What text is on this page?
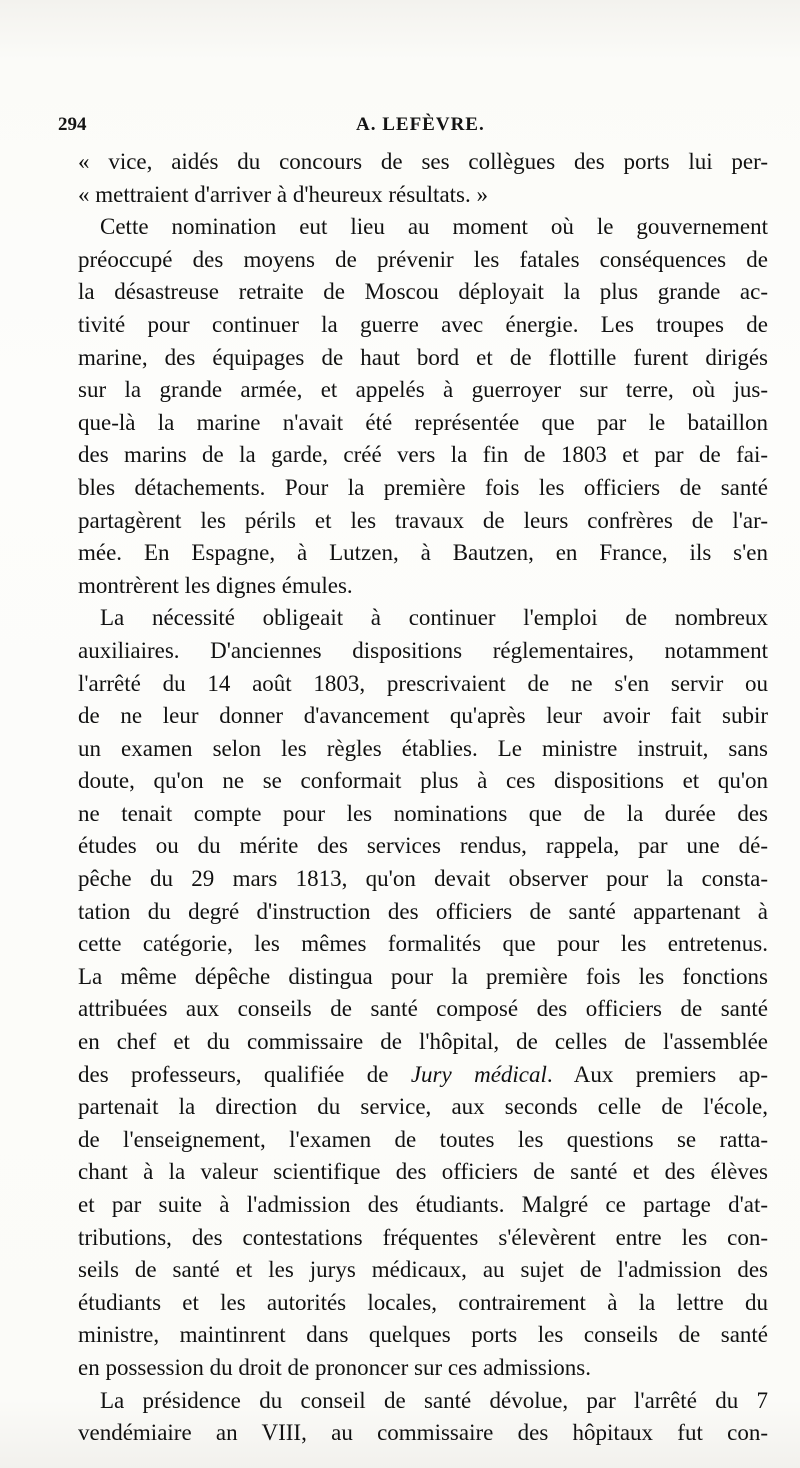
294	A. LEFÈVRE.
« vice, aidés du concours de ses collègues des ports lui per-
« mettraient d'arriver à d'heureux résultats. »
Cette nomination eut lieu au moment où le gouvernement
préoccupé des moyens de prévenir les fatales conséquences de
la désastreuse retraite de Moscou déployait la plus grande ac-
tivité pour continuer la guerre avec énergie. Les troupes de
marine, des équipages de haut bord et de flottille furent dirigés
sur la grande armée, et appelés à guerroyer sur terre, où jus-
que-là la marine n'avait été représentée que par le bataillon
des marins de la garde, créé vers la fin de 1803 et par de fai-
bles détachements. Pour la première fois les officiers de santé
partagèrent les périls et les travaux de leurs confrères de l'ar-
mée. En Espagne, à Lutzen, à Bautzen, en France, ils s'en
montrèrent les dignes émules.
La nécessité obligeait à continuer l'emploi de nombreux
auxiliaires. D'anciennes dispositions réglementaires, notamment
l'arrêté du 14 août 1803, prescrivaient de ne s'en servir ou
de ne leur donner d'avancement qu'après leur avoir fait subir
un examen selon les règles établies. Le ministre instruit, sans
doute, qu'on ne se conformait plus à ces dispositions et qu'on
ne tenait compte pour les nominations que de la durée des
études ou du mérite des services rendus, rappela, par une dé-
pêche du 29 mars 1813, qu'on devait observer pour la consta-
tation du degré d'instruction des officiers de santé appartenant à
cette catégorie, les mêmes formalités que pour les entretenus.
La même dépêche distingua pour la première fois les fonctions
attribuées aux conseils de santé composé des officiers de santé
en chef et du commissaire de l'hôpital, de celles de l'assemblée
des professeurs, qualifiée de Jury médical. Aux premiers ap-
partenait la direction du service, aux seconds celle de l'école,
de l'enseignement, l'examen de toutes les questions se ratta-
chant à la valeur scientifique des officiers de santé et des élèves
et par suite à l'admission des étudiants. Malgré ce partage d'at-
tributions, des contestations fréquentes s'élevèrent entre les con-
seils de santé et les jurys médicaux, au sujet de l'admission des
étudiants et les autorités locales, contrairement à la lettre du
ministre, maintinrent dans quelques ports les conseils de santé
en possession du droit de prononcer sur ces admissions.
La présidence du conseil de santé dévolue, par l'arrêté du 7
vendémiaire an VIII, au commissaire des hôpitaux fut con-
